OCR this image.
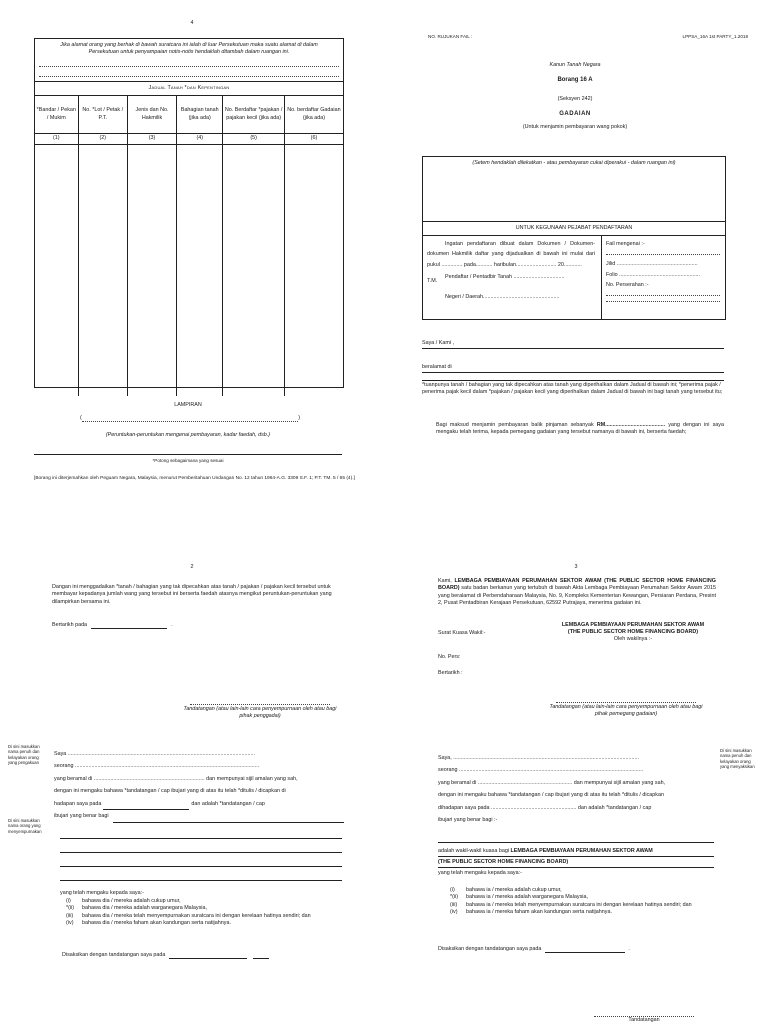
4
Jika alamat orang yang berhak di bawah suratcara ini ialah di luar Persekutuan maka suatu alamat di dalam Persekutuan untuk penyampaian notis-notis hendaklah ditambah dalam ruangan ini.
Jadual Tanah *dan Kepentingan
*Bandar / Pekan / Mukim	No. *Lot / Petak / P.T.	Jenis dan No. Hakmilik	Bahagian tanah (jika ada)	No. Berdaftar *pajakan / pajakan kecil (jika ada)	No. berdaftar Gadaian (jika ada)
(1)	(2)	(3)	(4)	(5)	(6)

LAMPIRAN
(	)
(Peruntukan-peruntukan mengenai pembayaran, kadar faedah, dsb.)
*Potong sebagaimana yang sesuai
[Borang ini diterjemahkan oleh Peguam Negara, Malaysia, menurut Pemberitahuan Undangan No. 12 tahun 1964-A.G. 3309 S.F. 1; P.T. TM. 5 / 65 (4).]
NO. RUJUKAN FAIL :	LPPSA_16A 1st PARTY_1.2018
Kanun Tanah Negara
Borang 16 A
(Seksyen 242)
GADAIAN
(Untuk menjamin pembayaran wang pokok)
(Setem hendaklah dilekatkan - atau pembayaran cukai diperakui - dalam ruangan ini)
UNTUK KEGUNAAN PEJABAT PENDAFTARAN
Ingatan pendaftaran dibuat dalam Dokumen / Dokumen-dokumen Hakmilik daftar yang dijadualkan di bawah ini mulai dari pukul .............. pada........... haribulan........................... 20............
T.M.
Pendaftar / Pentadbir Tanah ..................................
Negeri / Daerah...................................................
Fail mengenai :-
Jilid ......................................................
Folio ......................................................
No. Perserahan :-
Saya / Kami ,
beralamat di
*tuanpunya tanah / bahagian yang tak dipecahkan atas tanah yang diperihalkan dalam Jadual di bawah ini; *penerima pajak / penerima pajak kecil dalam *pajakan / pajakan kecil yang diperihalkan dalam Jadual di bawah ini bagi tanah yang tersebut itu;
Bagi maksud menjamin pembayaran balik pinjaman sebanyak RM........................................ yang dengan ini saya mengaku telah terima, kepada pemegang gadaian yang tersebut namanya di bawah ini, berserta faedah;
2
Dangan ini menggadaikan *tanah / bahagian yang tak dipecahkan atas tanah / pajakan / pajakan kecil tersebut untuk membayar kepadanya jumlah wang yang tersebut ini berserta faedah atasnya mengikut peruntukan-peruntukan yang dilampirkan bersama ini.
Bertarikh pada	.
Tandatangan (atau lain-lain cara penyempurnaan oleh atau bagi pihak penggadai)
Di sini masukkan nama penuh dan kelayakan orang yang pengakuan
Di sini masukkan nama orang yang menyempurnakan
Saya .............................................................................................................................
seorang ...........................................................................................................................
yang beramal di .......................................................................... dan mempunyai sijil amalan yang sah,
dengan ini mengaku bahawa *tandatangan / cap ibujari yang di atas itu telah *ditulis / dicapkan di
hadapan saya pada	dan adalah *tandatangan / cap
ibujari yang benar bagi
yang telah mengaku kepada saya:-
(i)	bahawa dia / mereka adalah cukup umur,
*(ii)	bahawa dia / mereka adalah warganegara Malaysia,
(iii)	bahawa dia / mereka telah menyempurnakan suratcara ini dengan kerelaan hatinya sendiri; dan
(iv)	bahawa dia / mereka faham akan kandungan serta natijahnya.
Disaksikan dengan tandatangan saya pada
3
Kami, LEMBAGA PEMBIAYAAN PERUMAHAN SEKTOR AWAM (THE PUBLIC SECTOR HOME FINANCING BOARD) satu badan berkanun yang tertubuh di bawah Akta Lembaga Pembiayaan Perumahan Sektor Awam 2015 yang beralamat di Perbendaharaan Malaysia, No. 9, Kompleks Kementerian Kewangan, Persiaran Perdana, Presint 2, Pusat Pentadbiran Kerajaan Persekutuan, 62592 Putrajaya, menerima gadaian ini.
Surat Kuasa Wakil:-
LEMBAGA PEMBIAYAAN PERUMAHAN SEKTOR AWAM
(THE PUBLIC SECTOR HOME FINANCING BOARD)
Oleh wakilnya :-
No. Pers:
Bertarikh :
Tandatangan (atau lain-lain cara penyempurnaan oleh atau bagi pihak pemegang gadaian)
Di sini masukkan nama penuh dan kelayakan orang yang menyaksikan
Saya, ............................................................................................................................
seorang ...........................................................................................................................
yang beramal di ............................................................... dan mempunyai sijil amalan yang sah,
dengan ini mengaku bahawa *tandatangan / cap ibujari yang di atas itu telah *ditulis / dicapkan
dihadapan saya pada ......................................................... dan adalah *tandatangan / cap
ibujari yang benar bagi :-
adalah wakil-wakil kuasa bagi LEMBAGA PEMBIAYAAN PERUMAHAN SEKTOR AWAM
(THE PUBLIC SECTOR HOME FINANCING BOARD)
yang telah mengaku kepada saya:-
(i)	bahawa ia / mereka adalah cukup umur,
*(ii)	bahawa ia / mereka adalah warganegara Malaysia,
(iii)	bahawa ia / mereka telah menyempurnakan suratcara ini dengan kerelaan hatinya sendiri; dan
(iv)	bahawa ia / mereka faham akan kandungan serta natijahnya.
Disaksikan dengan tandatangan saya pada	.
Tandatangan
